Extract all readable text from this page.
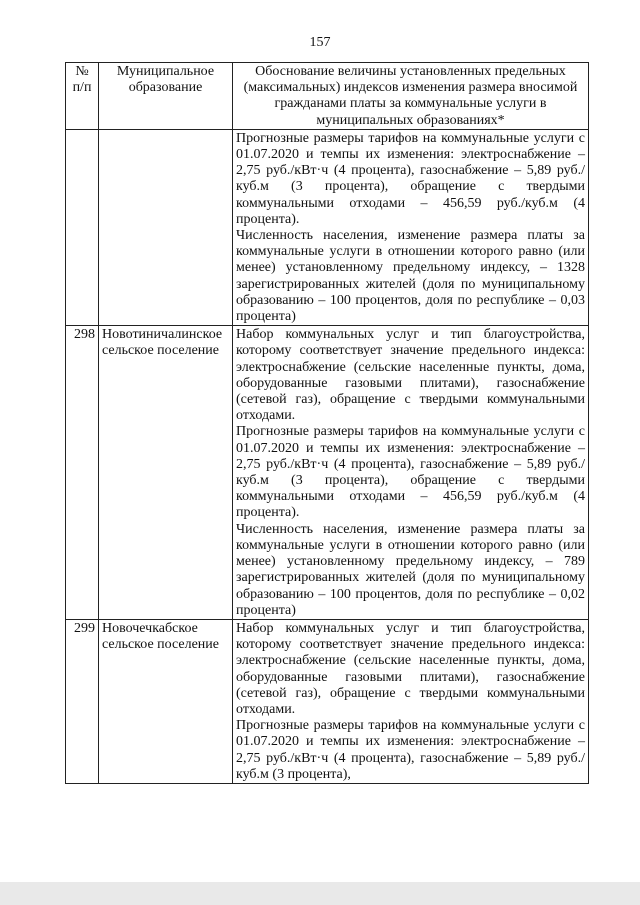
157
№ п/п	Муниципальное образование	Обоснование величины установленных предельных (максимальных) индексов изменения размера вносимой гражданами платы за коммунальные услуги в муниципальных образованиях*

		Прогнозные размеры тарифов на коммунальные услуги с 01.07.2020 и темпы их изменения: электроснабжение – 2,75 руб./кВт·ч (4 процента), газоснабжение – 5,89 руб./куб.м (3 процента), обращение с твердыми коммунальными отходами – 456,59 руб./куб.м (4 процента).

Численность населения, изменение размера платы за коммунальные услуги в отношении которого равно (или менее) установленному предельному индексу, – 1328 зарегистрированных жителей (доля по муниципальному образованию – 100 процентов, доля по республике – 0,03 процента)

298	Новотиничалинское сельское поселение	Набор коммунальных услуг и тип благоустройства, которому соответствует значение предельного индекса: электроснабжение (сельские населенные пункты, дома, оборудованные газовыми плитами), газоснабжение (сетевой газ), обращение с твердыми коммунальными отходами.

Прогнозные размеры тарифов на коммунальные услуги с 01.07.2020 и темпы их изменения: электроснабжение – 2,75 руб./кВт·ч (4 процента), газоснабжение – 5,89 руб./куб.м (3 процента), обращение с твердыми коммунальными отходами – 456,59 руб./куб.м (4 процента).

Численность населения, изменение размера платы за коммунальные услуги в отношении которого равно (или менее) установленному предельному индексу, – 789 зарегистрированных жителей (доля по муниципальному образованию – 100 процентов, доля по республике – 0,02 процента)

299	Новочечкабское сельское поселение	Набор коммунальных услуг и тип благоустройства, которому соответствует значение предельного индекса: электроснабжение (сельские населенные пункты, дома, оборудованные газовыми плитами), газоснабжение (сетевой газ), обращение с твердыми коммунальными отходами.

Прогнозные размеры тарифов на коммунальные услуги с 01.07.2020 и темпы их изменения: электроснабжение – 2,75 руб./кВт·ч (4 процента), газоснабжение – 5,89 руб./куб.м (3 процента),
